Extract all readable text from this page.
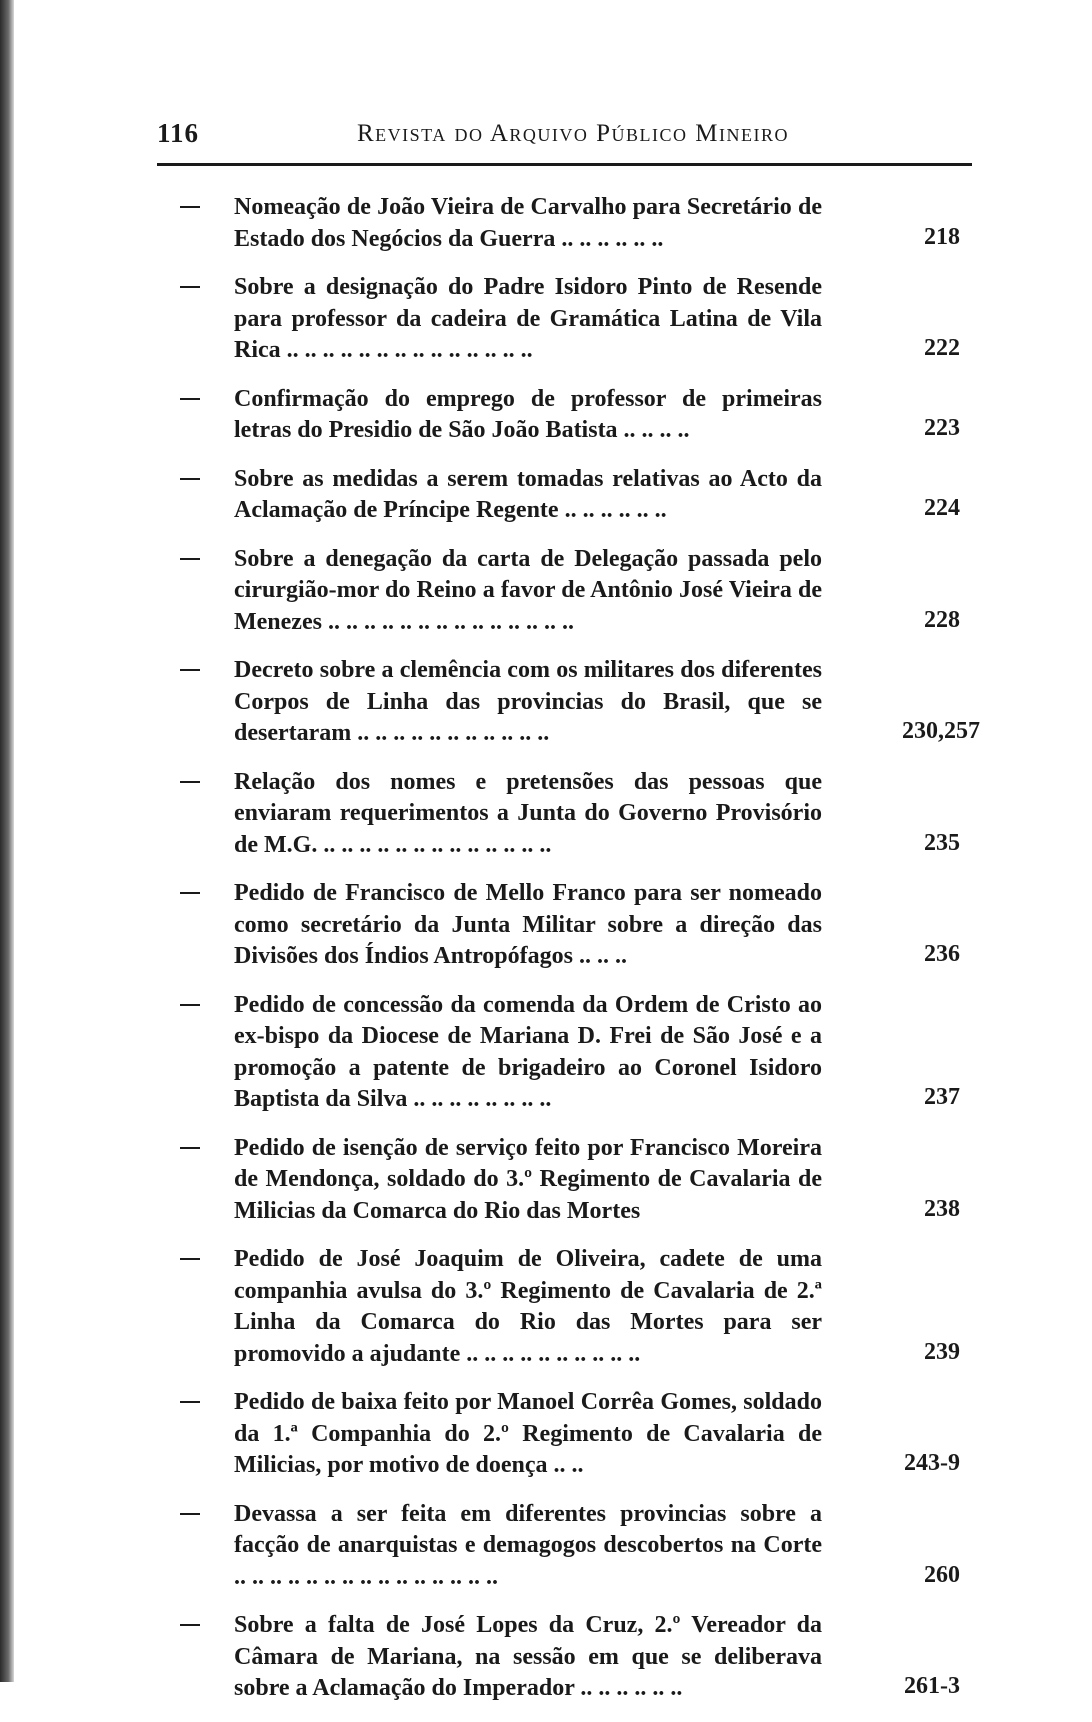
116	Revista do Arquivo Público Mineiro
Nomeação de João Vieira de Carvalho para Secretário de Estado dos Negócios da Guerra .. .. .. .. .. ..	218
Sobre a designação do Padre Isidoro Pinto de Resende para professor da cadeira de Gramática Latina de Vila Rica .. .. .. .. .. .. .. .. .. .. .. .. .. ..	222
Confirmação do emprego de professor de primeiras letras do Presidio de São João Batista .. .. .. ..	223
Sobre as medidas a serem tomadas relativas ao Acto da Aclamação de Príncipe Regente .. .. .. .. .. ..	224
Sobre a denegação da carta de Delegação passada pelo cirurgião-mor do Reino a favor de Antônio José Vieira de Menezes .. .. .. .. .. .. .. .. .. .. .. .. .. ..	228
Decreto sobre a clemência com os militares dos diferentes Corpos de Linha das provincias do Brasil, que se desertaram .. .. .. .. .. .. .. .. .. .. ..	230,257
Relação dos nomes e pretensões das pessoas que enviaram requerimentos a Junta do Governo Provisório de M.G. .. .. .. .. .. .. .. .. .. .. .. .. ..	235
Pedido de Francisco de Mello Franco para ser nomeado como secretário da Junta Militar sobre a direção das Divisões dos Índios Antropófagos .. .. ..	236
Pedido de concessão da comenda da Ordem de Cristo ao ex-bispo da Diocese de Mariana D. Frei de São José e a promoção a patente de brigadeiro ao Coronel Isidoro Baptista da Silva .. .. .. .. .. .. .. ..	237
Pedido de isenção de serviço feito por Francisco Moreira de Mendonça, soldado do 3.º Regimento de Cavalaria de Milicias da Comarca do Rio das Mortes	238
Pedido de José Joaquim de Oliveira, cadete de uma companhia avulsa do 3.º Regimento de Cavalaria de 2.ª Linha da Comarca do Rio das Mortes para ser promovido a ajudante .. .. .. .. .. .. .. .. .. ..	239
Pedido de baixa feito por Manoel Corrêa Gomes, soldado da 1.ª Companhia do 2.º Regimento de Cavalaria de Milicias, por motivo de doença .. ..	243-9
Devassa a ser feita em diferentes provincias sobre a facção de anarquistas e demagogos descobertos na Corte .. .. .. .. .. .. .. .. .. .. .. .. .. .. ..	260
Sobre a falta de José Lopes da Cruz, 2.º Vereador da Câmara de Mariana, na sessão em que se deliberava sobre a Aclamação do Imperador .. .. .. .. .. ..	261-3
